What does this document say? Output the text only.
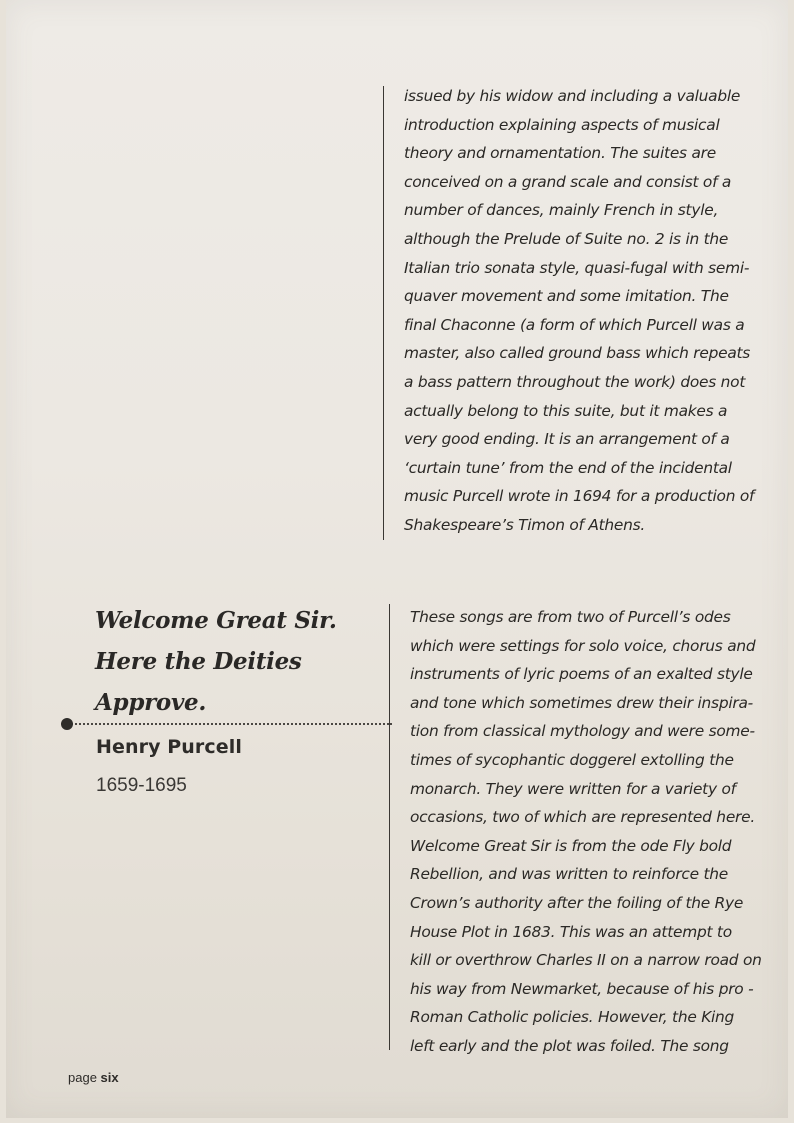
issued by his widow and including a valuable
introduction explaining aspects of musical
theory and ornamentation. The suites are
conceived on a grand scale and consist of a
number of dances, mainly French in style,
although the Prelude of Suite no. 2 is in the
Italian trio sonata style, quasi-fugal with semi-
quaver movement and some imitation. The
final Chaconne (a form of which Purcell was a
master, also called ground bass which repeats
a bass pattern throughout the work) does not
actually belong to this suite, but it makes a
very good ending. It is an arrangement of a
‘curtain tune’ from the end of the incidental
music Purcell wrote in 1694 for a production of
Shakespeare’s Timon of Athens.
Welcome Great Sir.
Here the Deities
Approve.
Henry Purcell
1659-1695
These songs are from two of Purcell’s odes
which were settings for solo voice, chorus and
instruments of lyric poems of an exalted style
and tone which sometimes drew their inspira-
tion from classical mythology and were some-
times of sycophantic doggerel extolling the
monarch. They were written for a variety of
occasions, two of which are represented here.
Welcome Great Sir is from the ode Fly bold
Rebellion, and was written to reinforce the
Crown’s authority after the foiling of the Rye
House Plot in 1683. This was an attempt to
kill or overthrow Charles II on a narrow road on
his way from Newmarket, because of his pro -
Roman Catholic policies. However, the King
left early and the plot was foiled. The song
page six
